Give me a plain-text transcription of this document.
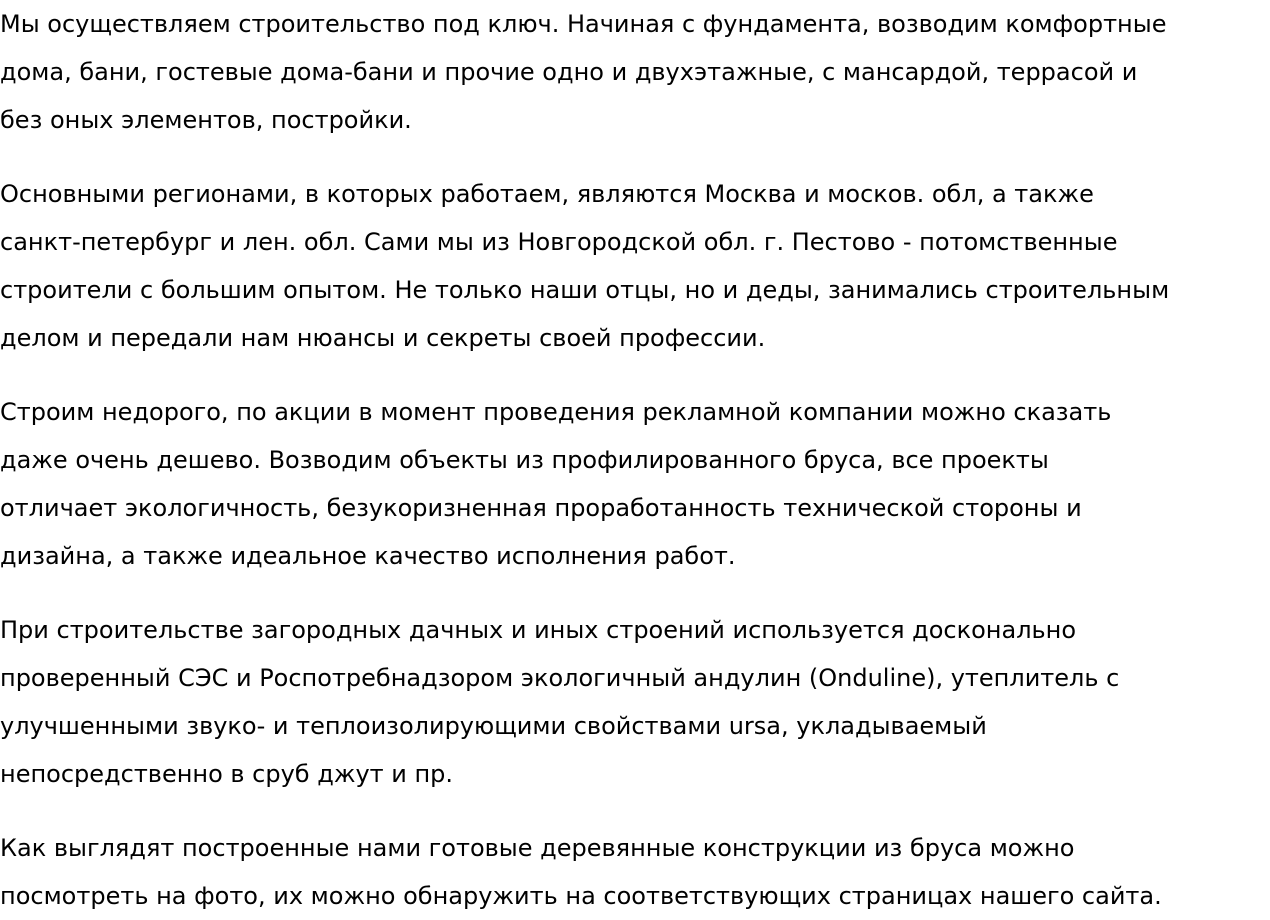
Мы осуществляем строительство под ключ. Начиная с фундамента, возводим комфортные
дома, бани, гостевые дома-бани и прочие одно и двухэтажные, с мансардой, террасой и
без оных элементов, постройки.

Основными регионами, в которых работаем, являются Москва и москов. обл, а также
санкт-петербург и лен. обл. Сами мы из Новгородской обл. г. Пестово - потомственные
строители с большим опытом. Не только наши отцы, но и деды, занимались строительным
делом и передали нам нюансы и секреты своей профессии.

Строим недорого, по акции в момент проведения рекламной компании можно сказать
даже очень дешево. Возводим объекты из профилированного бруса, все проекты
отличает экологичность, безукоризненная проработанность технической стороны и
дизайна, а также идеальное качество исполнения работ.

При строительстве загородных дачных и иных строений используется досконально
проверенный СЭС и Роспотребнадзором экологичный андулин (Onduline), утеплитель с
улучшенными звуко- и теплоизолирующими свойствами ursa, укладываемый
непосредственно в сруб джут и пр.

Как выглядят построенные нами готовые деревянные конструкции из бруса можно
посмотреть на фото, их можно обнаружить на соответствующих страницах нашего сайта.
